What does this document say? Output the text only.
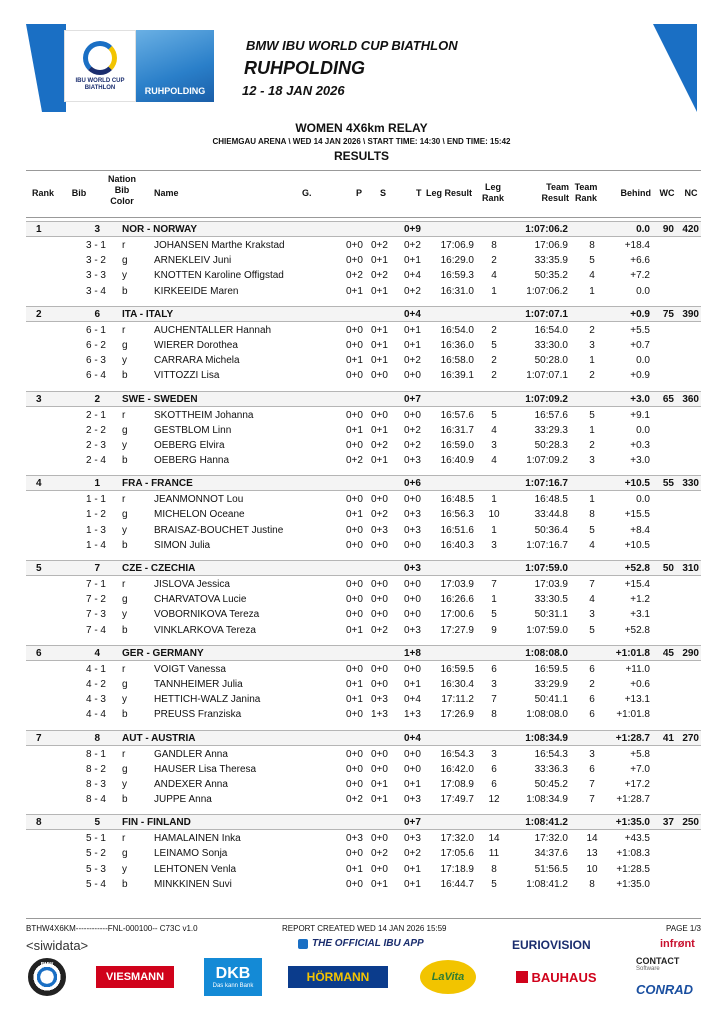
IBU WORLD CUP BIATHLON	RUHPOLDING
BMW IBU WORLD CUP BIATHLON
RUHPOLDING
12 - 18 JAN 2026
WOMEN 4X6km RELAY
CHIEMGAU ARENA \ WED 14 JAN 2026 \ START TIME: 14:30 \ END TIME: 15:42
RESULTS
Rank	Bib
Nation Bib Color
Name	G.	P S	T Leg Result
Leg Rank
Team Result
Team Rank	Behind WC	NC
1	3 NOR - NORWAY	0+9	1:07:06.2	0.0	90 420
3 - 1 r	JOHANSEN Marthe Krakstad	0+0 0+2	0+2	17:06.9	8	17:06.9	8	+18.4
3 - 2 g	ARNEKLEIV Juni	0+0 0+1	0+1	16:29.0	2	33:35.9	5	+6.6
3 - 3 y	KNOTTEN Karoline Offigstad	0+2 0+2	0+4	16:59.3	4	50:35.2	4	+7.2
3 - 4 b	KIRKEEIDE Maren	0+1 0+1	0+2	16:31.0	1	1:07:06.2	1	0.0
2	6 ITA - ITALY	0+4	1:07:07.1	+0.9	75 390
6 - 1 r	AUCHENTALLER Hannah	0+0 0+1	0+1	16:54.0	2	16:54.0	2	+5.5
6 - 2 g	WIERER Dorothea	0+0 0+1	0+1	16:36.0	5	33:30.0	3	+0.7
6 - 3 y	CARRARA Michela	0+1 0+1	0+2	16:58.0	2	50:28.0	1	0.0
6 - 4 b	VITTOZZI Lisa	0+0 0+0	0+0	16:39.1	2	1:07:07.1	2	+0.9
3	2 SWE - SWEDEN	0+7	1:07:09.2	+3.0	65 360
2 - 1 r	SKOTTHEIM Johanna	0+0 0+0	0+0	16:57.6	5	16:57.6	5	+9.1
2 - 2 g	GESTBLOM Linn	0+1 0+1	0+2	16:31.7	4	33:29.3	1	0.0
2 - 3 y	OEBERG Elvira	0+0 0+2	0+2	16:59.0	3	50:28.3	2	+0.3
2 - 4 b	OEBERG Hanna	0+2 0+1	0+3	16:40.9	4	1:07:09.2	3	+3.0
4	1 FRA - FRANCE	0+6	1:07:16.7	+10.5	55 330
1 - 1 r	JEANMONNOT Lou	0+0 0+0	0+0	16:48.5	1	16:48.5	1	0.0
1 - 2 g	MICHELON Oceane	0+1 0+2	0+3	16:56.3	10	33:44.8	8	+15.5
1 - 3 y	BRAISAZ-BOUCHET Justine	0+0 0+3	0+3	16:51.6	1	50:36.4	5	+8.4
1 - 4 b	SIMON Julia	0+0 0+0	0+0	16:40.3	3	1:07:16.7	4	+10.5
5	7 CZE - CZECHIA	0+3	1:07:59.0	+52.8	50 310
7 - 1 r	JISLOVA Jessica	0+0 0+0	0+0	17:03.9	7	17:03.9	7	+15.4
7 - 2 g	CHARVATOVA Lucie	0+0 0+0	0+0	16:26.6	1	33:30.5	4	+1.2
7 - 3 y	VOBORNIKOVA Tereza	0+0 0+0	0+0	17:00.6	5	50:31.1	3	+3.1
7 - 4 b	VINKLARKOVA Tereza	0+1 0+2	0+3	17:27.9	9	1:07:59.0	5	+52.8
6	4 GER - GERMANY	1+8	1:08:08.0	+1:01.8	45 290
4 - 1 r	VOIGT Vanessa	0+0 0+0	0+0	16:59.5	6	16:59.5	6	+11.0
4 - 2 g	TANNHEIMER Julia	0+1 0+0	0+1	16:30.4	3	33:29.9	2	+0.6
4 - 3 y	HETTICH-WALZ Janina	0+1 0+3	0+4	17:11.2	7	50:41.1	6	+13.1
4 - 4 b	PREUSS Franziska	0+0 1+3	1+3	17:26.9	8	1:08:08.0	6	+1:01.8
7	8 AUT - AUSTRIA	0+4	1:08:34.9	+1:28.7	41 270
8 - 1 r	GANDLER Anna	0+0 0+0	0+0	16:54.3	3	16:54.3	3	+5.8
8 - 2 g	HAUSER Lisa Theresa	0+0 0+0	0+0	16:42.0	6	33:36.3	6	+7.0
8 - 3 y	ANDEXER Anna	0+0 0+1	0+1	17:08.9	6	50:45.2	7	+17.2
8 - 4 b	JUPPE Anna	0+2 0+1	0+3	17:49.7	12	1:08:34.9	7	+1:28.7
8	5 FIN - FINLAND	0+7	1:08:41.2	+1:35.0	37 250
5 - 1 r	HAMALAINEN Inka	0+3 0+0	0+3	17:32.0	14	17:32.0	14	+43.5
5 - 2 g	LEINAMO Sonja	0+0 0+2	0+2	17:05.6	11	34:37.6	13	+1:08.3
5 - 3 y	LEHTONEN Venla	0+1 0+0	0+1	17:18.9	8	51:56.5	10	+1:28.5
5 - 4 b	MINKKINEN Suvi	0+0 0+1	0+1	16:44.7	5	1:08:41.2	8	+1:35.0
BTHW4X6KM------------FNL-000100-- C73C v1.0	REPORT CREATED WED 14 JAN 2026 15:59	PAGE 1/3
<siwidata>	THE OFFICIAL IBU APP	EURIOVISION	infrønt
BMW
VIESMANN	DKB
Das kann Bank
HÖRMANN	LaVita	BAUHAUS
CONTACT
Software
CONRAD
